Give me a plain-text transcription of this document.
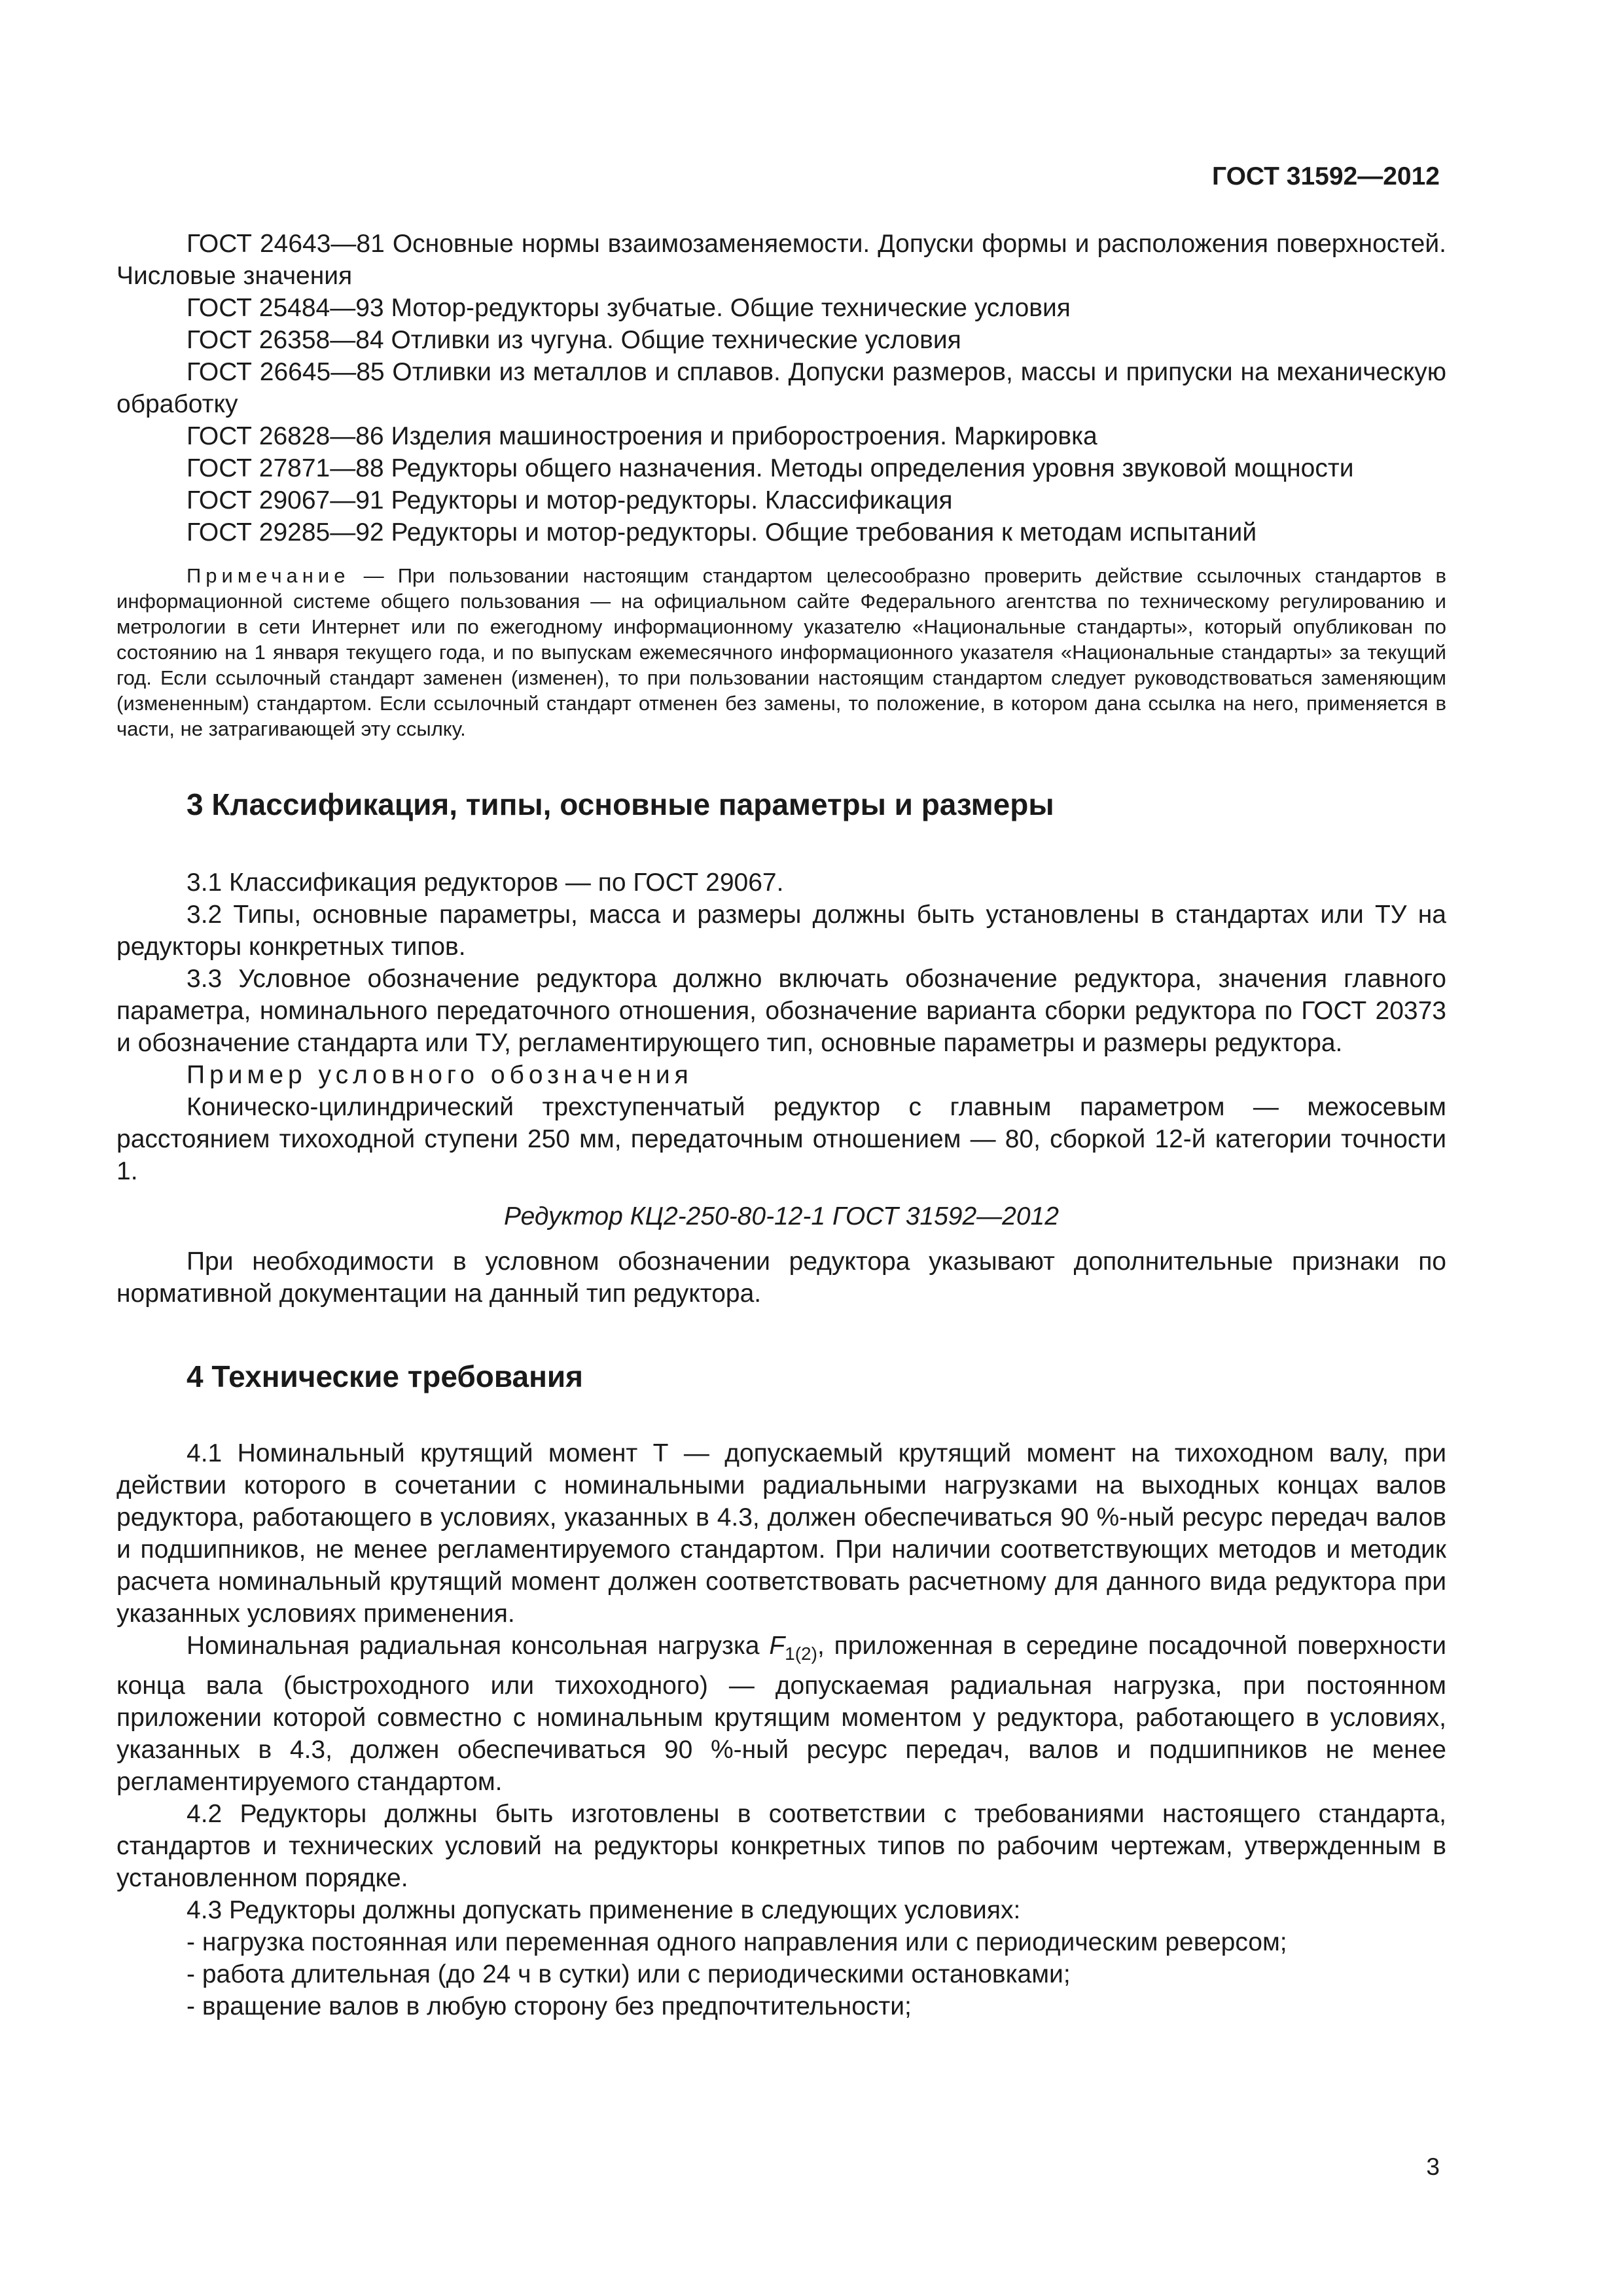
ГОСТ 31592—2012
ГОСТ 24643—81 Основные нормы взаимозаменяемости. Допуски формы и расположения поверхностей. Числовые значения
ГОСТ 25484—93 Мотор-редукторы зубчатые. Общие технические условия
ГОСТ 26358—84 Отливки из чугуна. Общие технические условия
ГОСТ 26645—85 Отливки из металлов и сплавов. Допуски размеров, массы и припуски на механическую обработку
ГОСТ 26828—86 Изделия машиностроения и приборостроения. Маркировка
ГОСТ 27871—88 Редукторы общего назначения. Методы определения уровня звуковой мощности
ГОСТ 29067—91 Редукторы и мотор-редукторы. Классификация
ГОСТ 29285—92 Редукторы и мотор-редукторы. Общие требования к методам испытаний
Примечание — При пользовании настоящим стандартом целесообразно проверить действие ссылочных стандартов в информационной системе общего пользования — на официальном сайте Федерального агентства по техническому регулированию и метрологии в сети Интернет или по ежегодному информационному указателю «Национальные стандарты», который опубликован по состоянию на 1 января текущего года, и по выпускам ежемесячного информационного указателя «Национальные стандарты» за текущий год. Если ссылочный стандарт заменен (изменен), то при пользовании настоящим стандартом следует руководствоваться заменяющим (измененным) стандартом. Если ссылочный стандарт отменен без замены, то положение, в котором дана ссылка на него, применяется в части, не затрагивающей эту ссылку.
3 Классификация, типы, основные параметры и размеры
3.1 Классификация редукторов — по ГОСТ 29067.
3.2 Типы, основные параметры, масса и размеры должны быть установлены в стандартах или ТУ на редукторы конкретных типов.
3.3 Условное обозначение редуктора должно включать обозначение редуктора, значения главного параметра, номинального передаточного отношения, обозначение варианта сборки редуктора по ГОСТ 20373 и обозначение стандарта или ТУ, регламентирующего тип, основные параметры и размеры редуктора.
Пример условного обозначения
Коническо-цилиндрический трехступенчатый редуктор с главным параметром — межосевым расстоянием тихоходной ступени 250 мм, передаточным отношением — 80, сборкой 12-й категории точности 1.
Редуктор КЦ2-250-80-12-1 ГОСТ 31592—2012
При необходимости в условном обозначении редуктора указывают дополнительные признаки по нормативной документации на данный тип редуктора.
4 Технические требования
4.1 Номинальный крутящий момент Т — допускаемый крутящий момент на тихоходном валу, при действии которого в сочетании с номинальными радиальными нагрузками на выходных концах валов редуктора, работающего в условиях, указанных в 4.3, должен обеспечиваться 90 %-ный ресурс передач валов и подшипников, не менее регламентируемого стандартом. При наличии соответствующих методов и методик расчета номинальный крутящий момент должен соответствовать расчетному для данного вида редуктора при указанных условиях применения.
Номинальная радиальная консольная нагрузка $F_{1(2)}$, приложенная в середине посадочной поверхности конца вала (быстроходного или тихоходного) — допускаемая радиальная нагрузка, при постоянном приложении которой совместно с номинальным крутящим моментом у редуктора, работающего в условиях, указанных в 4.3, должен обеспечиваться 90 %-ный ресурс передач, валов и подшипников не менее регламентируемого стандартом.
4.2 Редукторы должны быть изготовлены в соответствии с требованиями настоящего стандарта, стандартов и технических условий на редукторы конкретных типов по рабочим чертежам, утвержденным в установленном порядке.
4.3 Редукторы должны допускать применение в следующих условиях:
- нагрузка постоянная или переменная одного направления или с периодическим реверсом;
- работа длительная (до 24 ч в сутки) или с периодическими остановками;
- вращение валов в любую сторону без предпочтительности;
3
